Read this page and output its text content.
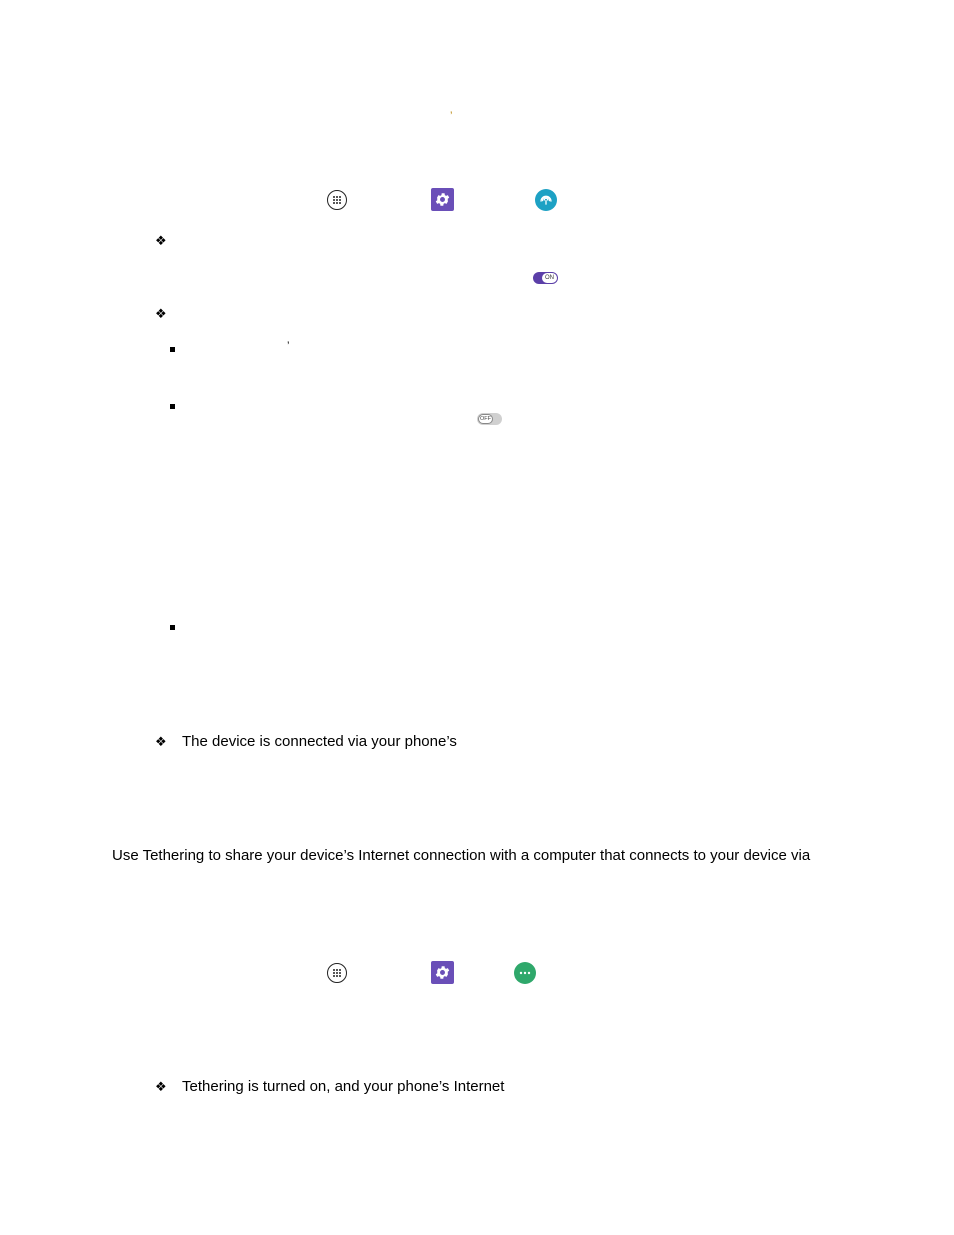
’
❖
ON
❖
’
OFF
❖ The device is connected via your phone’s
Use Tethering to share your device’s Internet connection with a computer that connects to your device via
❖ Tethering is turned on, and your phone’s Internet
